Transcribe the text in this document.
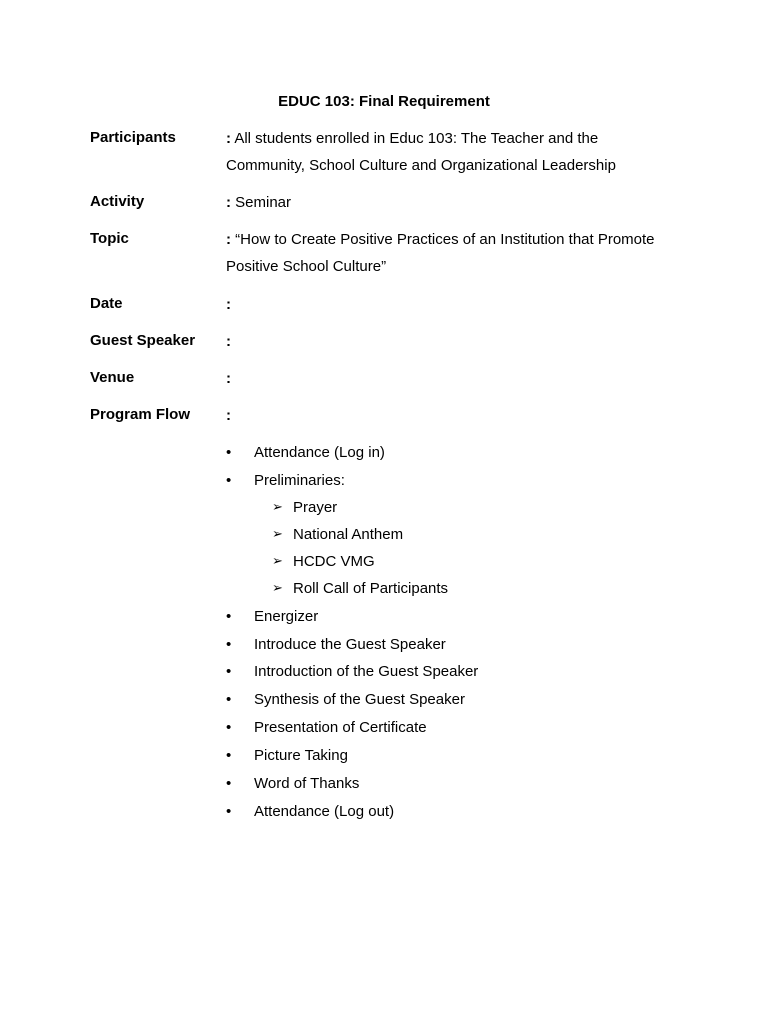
EDUC 103: Final Requirement
Participants	: All students enrolled in Educ 103: The Teacher and the
Community, School Culture and Organizational Leadership
Activity	: Seminar
Topic	: “How to Create Positive Practices of an Institution that Promote
Positive School Culture”
Date	:
Guest Speaker :
Venue	:
Program Flow :
• Attendance (Log in)
• Preliminaries:
➢ Prayer
➢ National Anthem
➢ HCDC VMG
➢ Roll Call of Participants
• Energizer
• Introduce the Guest Speaker
• Introduction of the Guest Speaker
• Synthesis of the Guest Speaker
• Presentation of Certificate
• Picture Taking
• Word of Thanks
• Attendance (Log out)
